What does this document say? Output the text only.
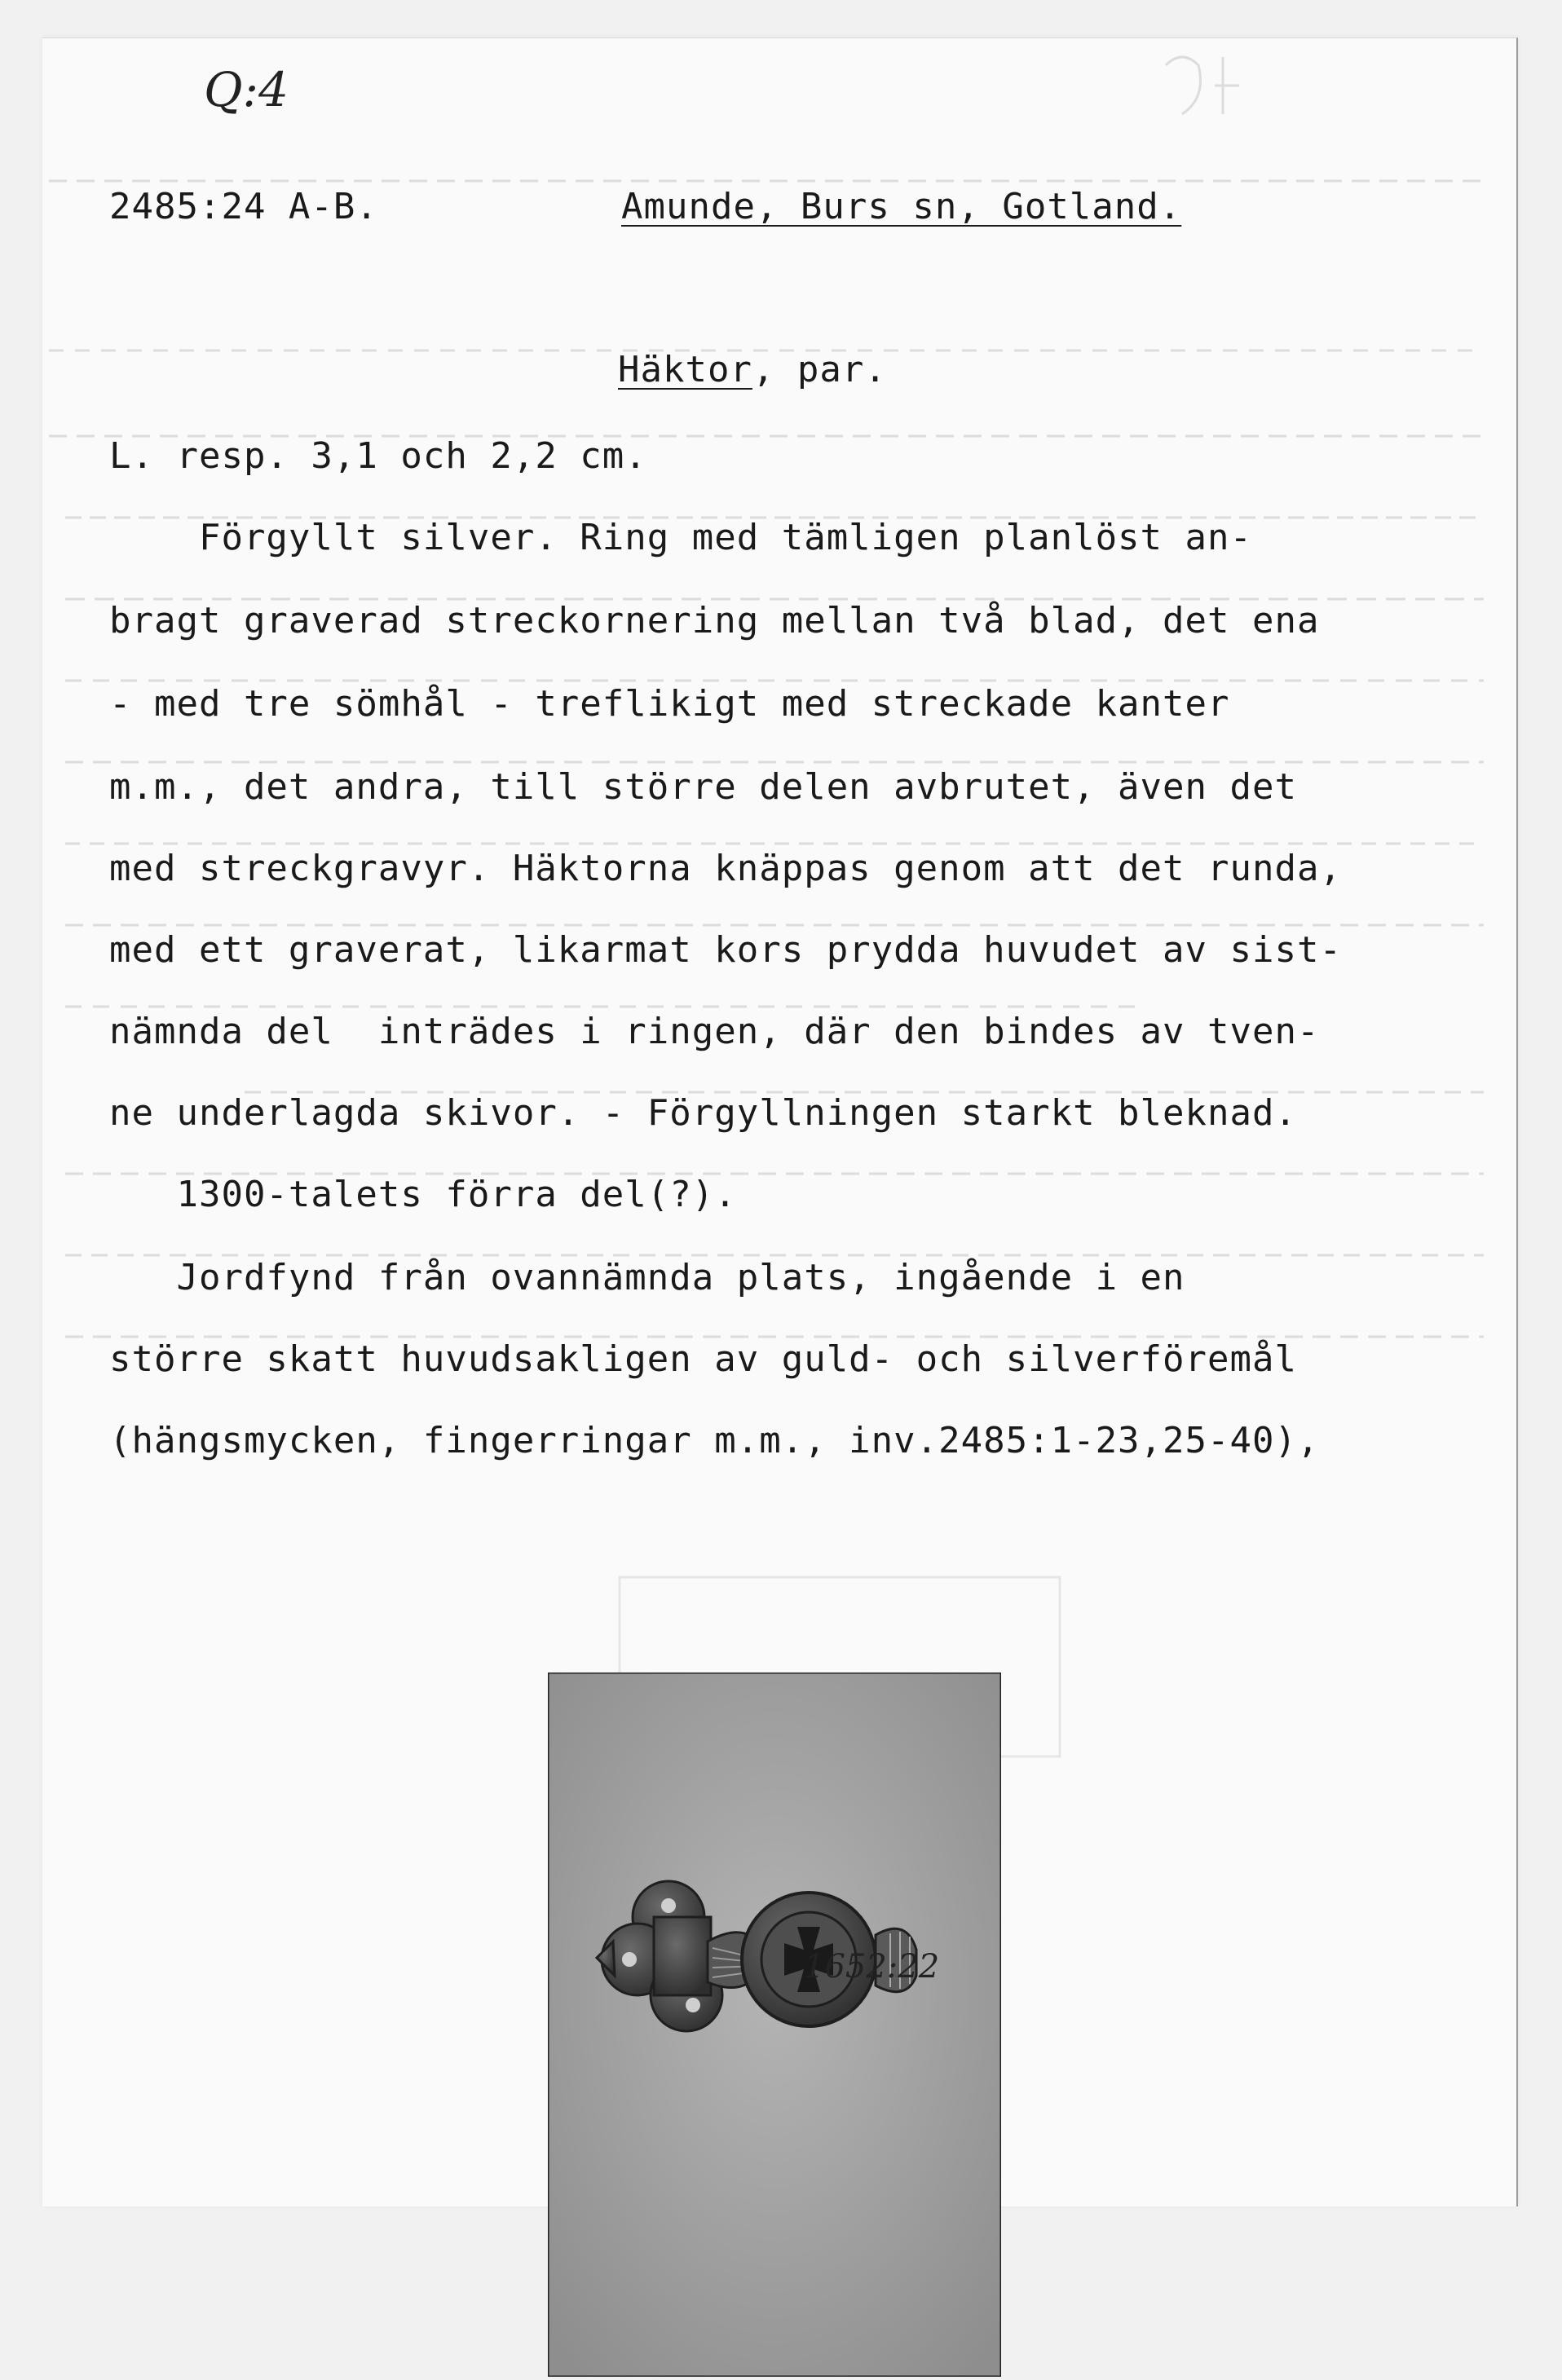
Q:4
2485:24 A-B.	Amunde, Burs sn, Gotland.
Häktor, par.
L. resp. 3,1 och 2,2 cm.
Förgyllt silver. Ring med tämligen planlöst an-
bragt graverad streckornering mellan två blad, det ena
- med tre sömhål - treflikigt med streckade kanter
m.m., det andra, till större delen avbrutet, även det
med streckgravyr. Häktorna knäppas genom att det runda,
med ett graverat, likarmat kors prydda huvudet av sist-
nämnda del  inträdes i ringen, där den bindes av tven-
ne underlagda skivor. - Förgyllningen starkt bleknad.
1300-talets förra del(?).
Jordfynd från ovannämnda plats, ingående i en
större skatt huvudsakligen av guld- och silverföremål
(hängsmycken, fingerringar m.m., inv.2485:1-23,25-40),
1652:22
